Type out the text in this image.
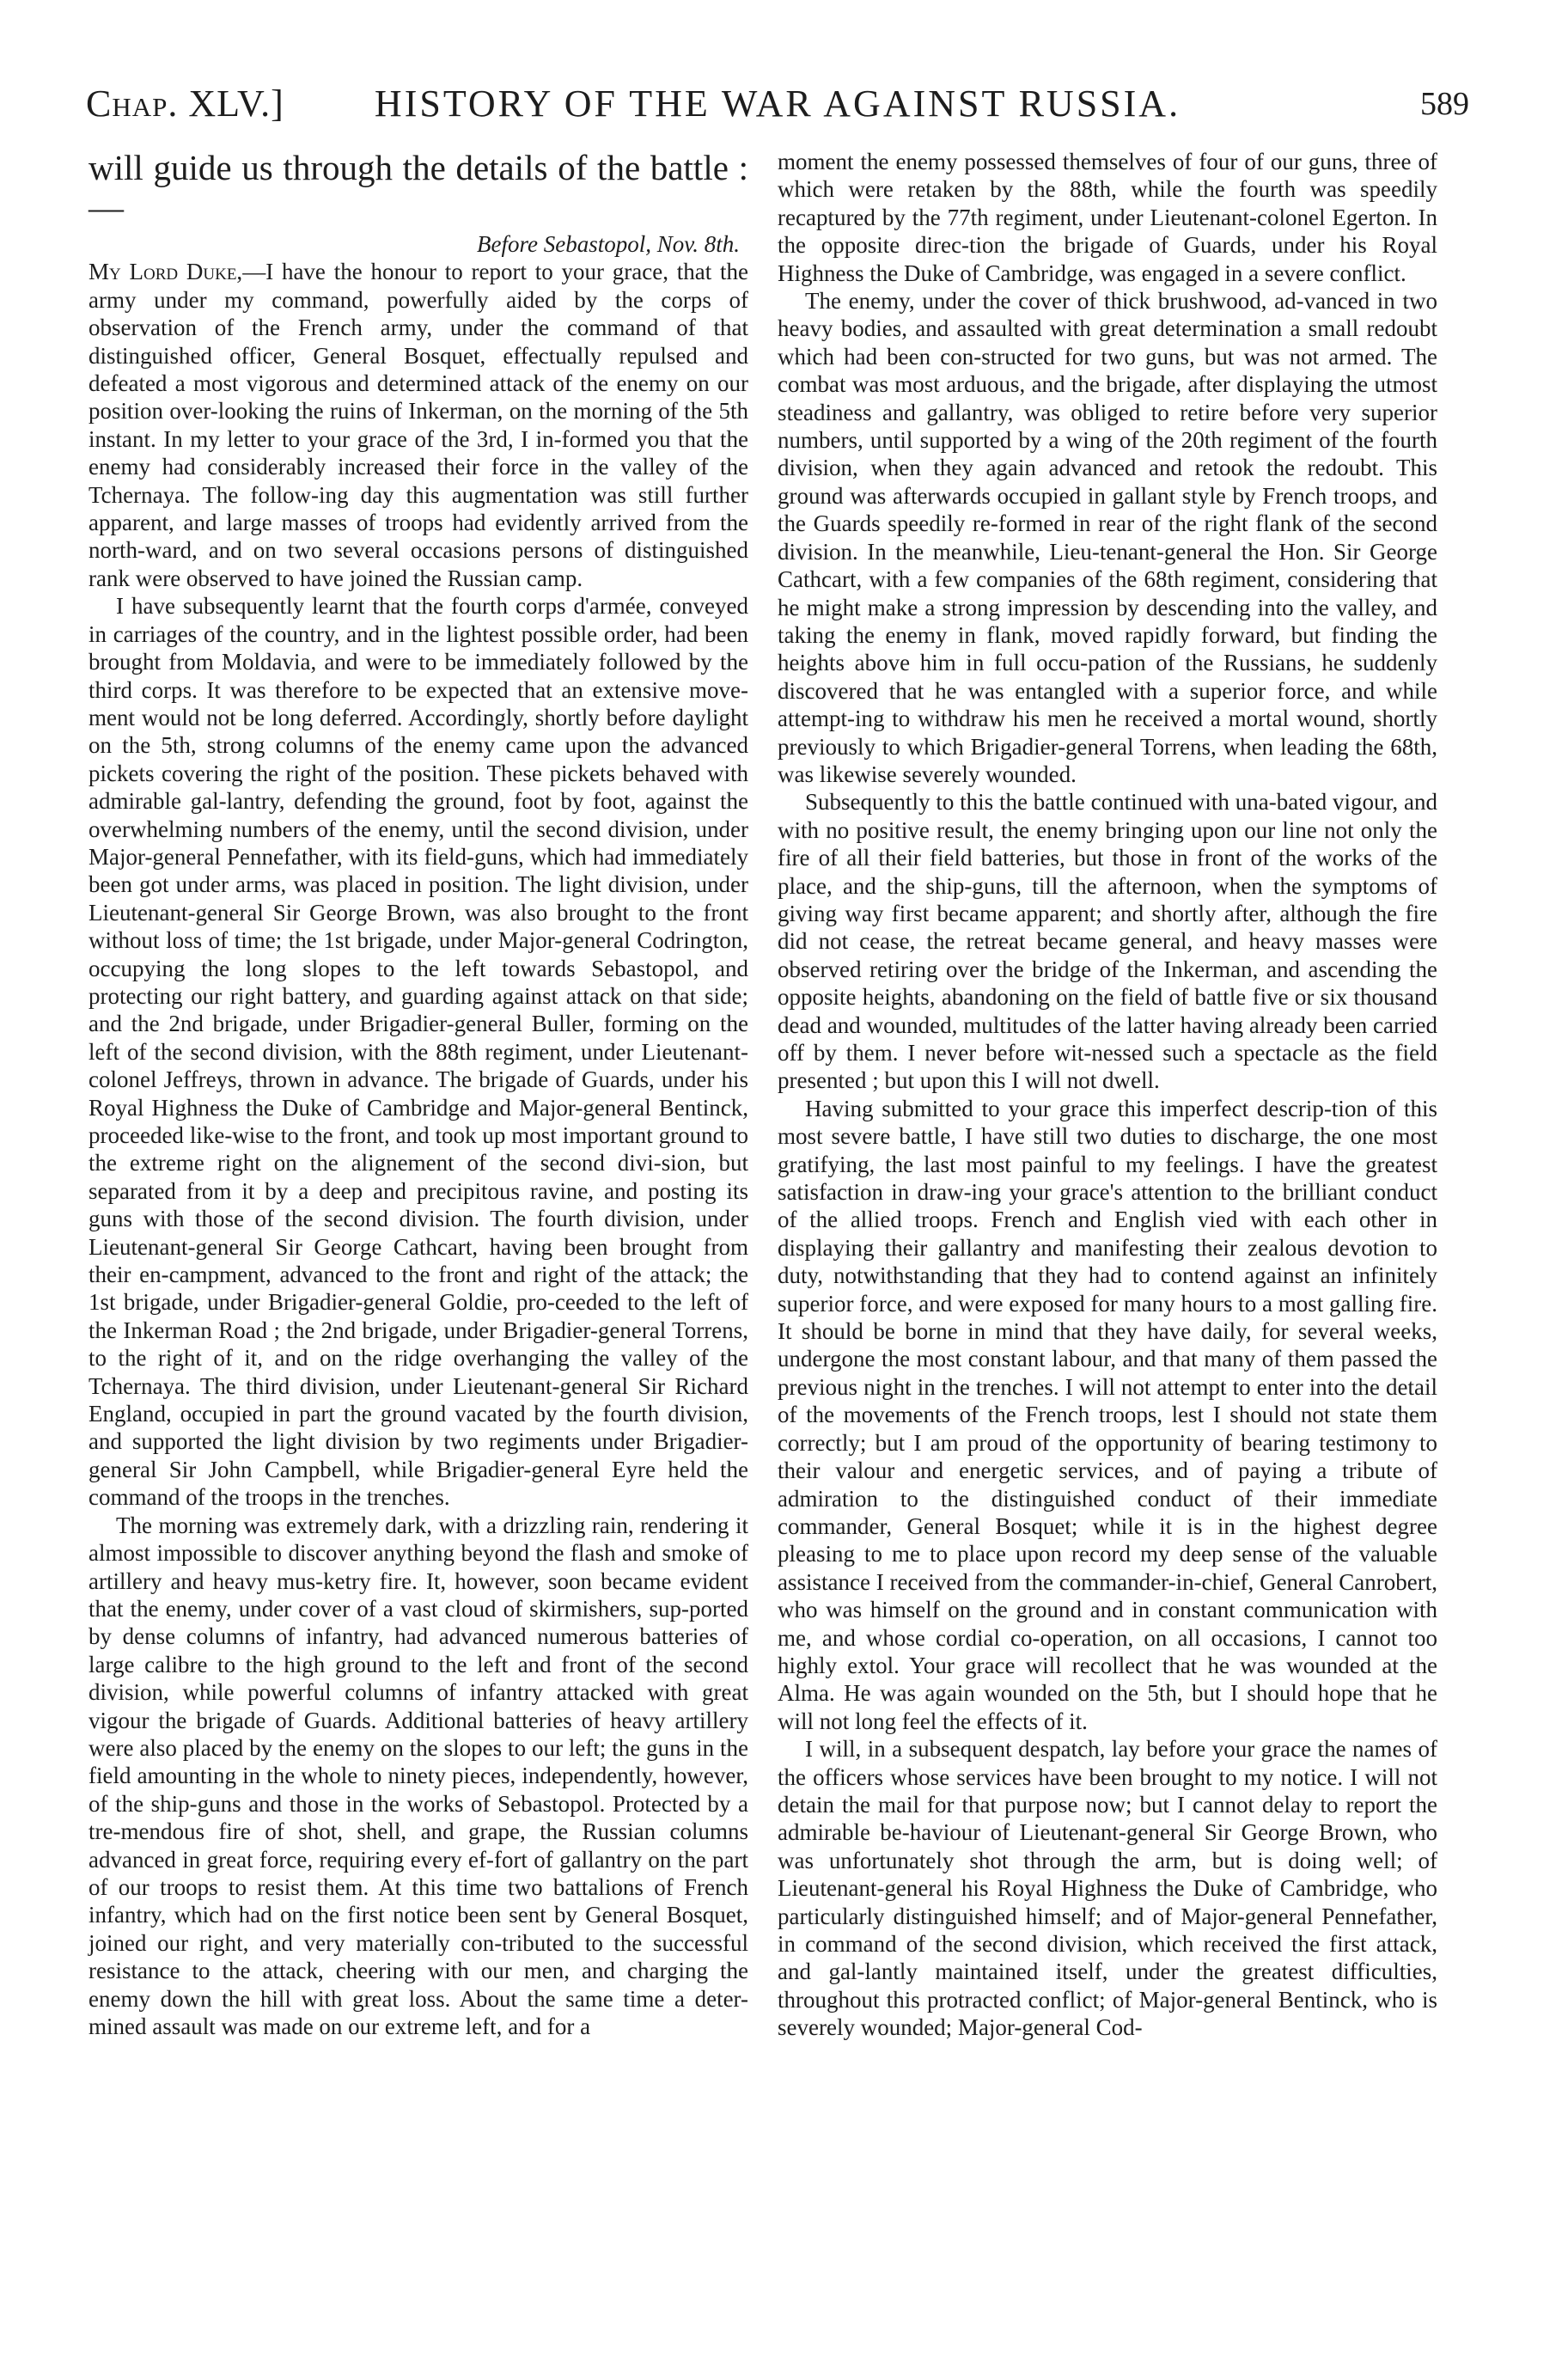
Chap. XLV.]	HISTORY OF THE WAR AGAINST RUSSIA.	589

will guide us through the details of the battle : —

Before Sebastopol, Nov. 8th.

My Lord Duke,—I have the honour to report to your grace, that the army under my command, powerfully aided by the corps of observation of the French army, under the command of that distinguished officer, General Bosquet, effectually repulsed and defeated a most vigorous and determined attack of the enemy on our position over-looking the ruins of Inkerman, on the morning of the 5th instant. In my letter to your grace of the 3rd, I in-formed you that the enemy had considerably increased their force in the valley of the Tchernaya. The follow-ing day this augmentation was still further apparent, and large masses of troops had evidently arrived from the north-ward, and on two several occasions persons of distinguished rank were observed to have joined the Russian camp.

I have subsequently learnt that the fourth corps d'armée, conveyed in carriages of the country, and in the lightest possible order, had been brought from Moldavia, and were to be immediately followed by the third corps. It was therefore to be expected that an extensive move-ment would not be long deferred. Accordingly, shortly before daylight on the 5th, strong columns of the enemy came upon the advanced pickets covering the right of the position. These pickets behaved with admirable gal-lantry, defending the ground, foot by foot, against the overwhelming numbers of the enemy, until the second division, under Major-general Pennefather, with its field-guns, which had immediately been got under arms, was placed in position. The light division, under Lieutenant-general Sir George Brown, was also brought to the front without loss of time; the 1st brigade, under Major-general Codrington, occupying the long slopes to the left towards Sebastopol, and protecting our right battery, and guarding against attack on that side; and the 2nd brigade, under Brigadier-general Buller, forming on the left of the second division, with the 88th regiment, under Lieutenant-colonel Jeffreys, thrown in advance. The brigade of Guards, under his Royal Highness the Duke of Cambridge and Major-general Bentinck, proceeded like-wise to the front, and took up most important ground to the extreme right on the alignement of the second divi-sion, but separated from it by a deep and precipitous ravine, and posting its guns with those of the second division. The fourth division, under Lieutenant-general Sir George Cathcart, having been brought from their en-campment, advanced to the front and right of the attack; the 1st brigade, under Brigadier-general Goldie, pro-ceeded to the left of the Inkerman Road ; the 2nd brigade, under Brigadier-general Torrens, to the right of it, and on the ridge overhanging the valley of the Tchernaya. The third division, under Lieutenant-general Sir Richard England, occupied in part the ground vacated by the fourth division, and supported the light division by two regiments under Brigadier-general Sir John Campbell, while Brigadier-general Eyre held the command of the troops in the trenches.

The morning was extremely dark, with a drizzling rain, rendering it almost impossible to discover anything beyond the flash and smoke of artillery and heavy mus-ketry fire. It, however, soon became evident that the enemy, under cover of a vast cloud of skirmishers, sup-ported by dense columns of infantry, had advanced numerous batteries of large calibre to the high ground to the left and front of the second division, while powerful columns of infantry attacked with great vigour the brigade of Guards. Additional batteries of heavy artillery were also placed by the enemy on the slopes to our left; the guns in the field amounting in the whole to ninety pieces, independently, however, of the ship-guns and those in the works of Sebastopol. Protected by a tre-mendous fire of shot, shell, and grape, the Russian columns advanced in great force, requiring every ef-fort of gallantry on the part of our troops to resist them. At this time two battalions of French infantry, which had on the first notice been sent by General Bosquet, joined our right, and very materially con-tributed to the successful resistance to the attack, cheering with our men, and charging the enemy down the hill with great loss. About the same time a deter-mined assault was made on our extreme left, and for a

moment the enemy possessed themselves of four of our guns, three of which were retaken by the 88th, while the fourth was speedily recaptured by the 77th regiment, under Lieutenant-colonel Egerton. In the opposite direc-tion the brigade of Guards, under his Royal Highness the Duke of Cambridge, was engaged in a severe conflict.

The enemy, under the cover of thick brushwood, ad-vanced in two heavy bodies, and assaulted with great determination a small redoubt which had been con-structed for two guns, but was not armed. The combat was most arduous, and the brigade, after displaying the utmost steadiness and gallantry, was obliged to retire before very superior numbers, until supported by a wing of the 20th regiment of the fourth division, when they again advanced and retook the redoubt. This ground was afterwards occupied in gallant style by French troops, and the Guards speedily re-formed in rear of the right flank of the second division. In the meanwhile, Lieu-tenant-general the Hon. Sir George Cathcart, with a few companies of the 68th regiment, considering that he might make a strong impression by descending into the valley, and taking the enemy in flank, moved rapidly forward, but finding the heights above him in full occu-pation of the Russians, he suddenly discovered that he was entangled with a superior force, and while attempt-ing to withdraw his men he received a mortal wound, shortly previously to which Brigadier-general Torrens, when leading the 68th, was likewise severely wounded.

Subsequently to this the battle continued with una-bated vigour, and with no positive result, the enemy bringing upon our line not only the fire of all their field batteries, but those in front of the works of the place, and the ship-guns, till the afternoon, when the symptoms of giving way first became apparent; and shortly after, although the fire did not cease, the retreat became general, and heavy masses were observed retiring over the bridge of the Inkerman, and ascending the opposite heights, abandoning on the field of battle five or six thousand dead and wounded, multitudes of the latter having already been carried off by them. I never before wit-nessed such a spectacle as the field presented ; but upon this I will not dwell.

Having submitted to your grace this imperfect descrip-tion of this most severe battle, I have still two duties to discharge, the one most gratifying, the last most painful to my feelings. I have the greatest satisfaction in draw-ing your grace's attention to the brilliant conduct of the allied troops. French and English vied with each other in displaying their gallantry and manifesting their zealous devotion to duty, notwithstanding that they had to contend against an infinitely superior force, and were exposed for many hours to a most galling fire. It should be borne in mind that they have daily, for several weeks, undergone the most constant labour, and that many of them passed the previous night in the trenches. I will not attempt to enter into the detail of the movements of the French troops, lest I should not state them correctly; but I am proud of the opportunity of bearing testimony to their valour and energetic services, and of paying a tribute of admiration to the distinguished conduct of their immediate commander, General Bosquet; while it is in the highest degree pleasing to me to place upon record my deep sense of the valuable assistance I received from the commander-in-chief, General Canrobert, who was himself on the ground and in constant communication with me, and whose cordial co-operation, on all occasions, I cannot too highly extol. Your grace will recollect that he was wounded at the Alma. He was again wounded on the 5th, but I should hope that he will not long feel the effects of it.

I will, in a subsequent despatch, lay before your grace the names of the officers whose services have been brought to my notice. I will not detain the mail for that purpose now; but I cannot delay to report the admirable be-haviour of Lieutenant-general Sir George Brown, who was unfortunately shot through the arm, but is doing well; of Lieutenant-general his Royal Highness the Duke of Cambridge, who particularly distinguished himself; and of Major-general Pennefather, in command of the second division, which received the first attack, and gal-lantly maintained itself, under the greatest difficulties, throughout this protracted conflict; of Major-general Bentinck, who is severely wounded; Major-general Cod-
